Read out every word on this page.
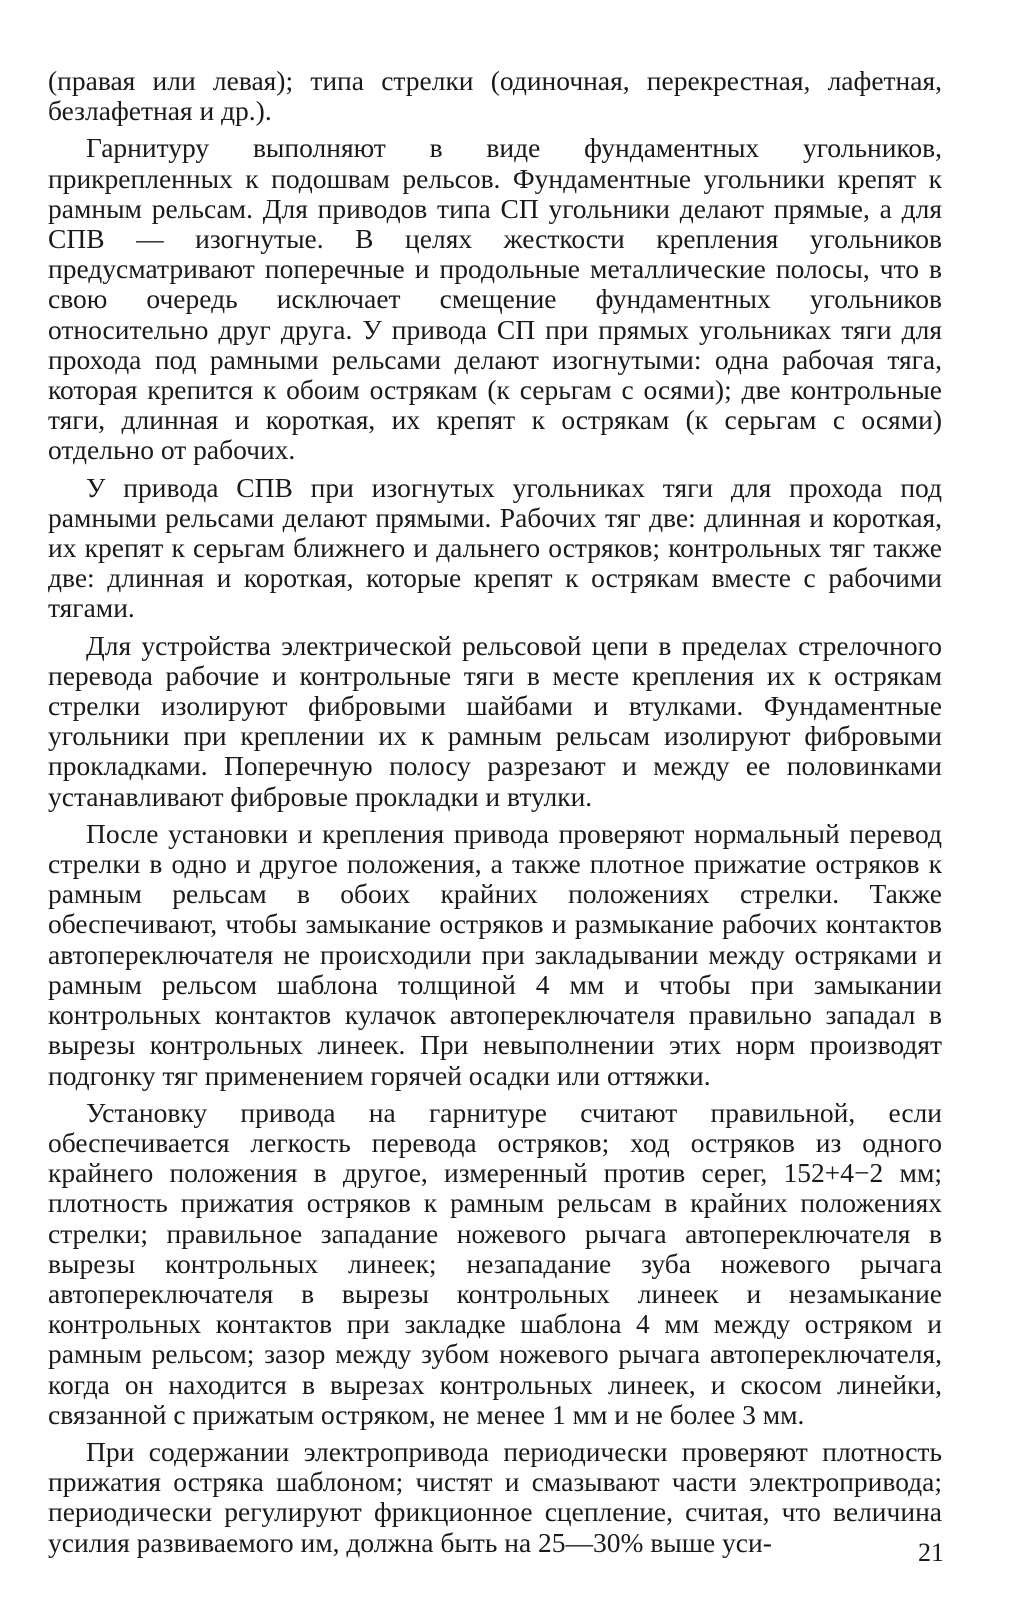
(правая или левая); типа стрелки (одиночная, перекрестная, лафетная, безлафетная и др.).

Гарнитуру выполняют в виде фундаментных угольников, прикрепленных к подошвам рельсов. Фундаментные угольники крепят к рамным рельсам. Для приводов типа СП угольники делают прямые, а для СПВ — изогнутые. В целях жесткости крепления угольников предусматривают поперечные и продольные металлические полосы, что в свою очередь исключает смещение фундаментных угольников относительно друг друга. У привода СП при прямых угольниках тяги для прохода под рамными рельсами делают изогнутыми: одна рабочая тяга, которая крепится к обоим острякам (к серьгам с осями); две контрольные тяги, длинная и короткая, их крепят к острякам (к серьгам с осями) отдельно от рабочих.

У привода СПВ при изогнутых угольниках тяги для прохода под рамными рельсами делают прямыми. Рабочих тяг две: длинная и короткая, их крепят к серьгам ближнего и дальнего остряков; контрольных тяг также две: длинная и короткая, которые крепят к острякам вместе с рабочими тягами.

Для устройства электрической рельсовой цепи в пределах стрелочного перевода рабочие и контрольные тяги в месте крепления их к острякам стрелки изолируют фибровыми шайбами и втулками. Фундаментные угольники при креплении их к рамным рельсам изолируют фибровыми прокладками. Поперечную полосу разрезают и между ее половинками устанавливают фибровые прокладки и втулки.

После установки и крепления привода проверяют нормальный перевод стрелки в одно и другое положения, а также плотное прижатие остряков к рамным рельсам в обоих крайних положениях стрелки. Также обеспечивают, чтобы замыкание остряков и размыкание рабочих контактов автопереключателя не происходили при закладывании между остряками и рамным рельсом шаблона толщиной 4 мм и чтобы при замыкании контрольных контактов кулачок автопереключателя правильно западал в вырезы контрольных линеек. При невыполнении этих норм производят подгонку тяг применением горячей осадки или оттяжки.

Установку привода на гарнитуре считают правильной, если обеспечивается легкость перевода остряков; ход остряков из одного крайнего положения в другое, измеренный против серег, 152+4−2 мм; плотность прижатия остряков к рамным рельсам в крайних положениях стрелки; правильное западание ножевого рычага автопереключателя в вырезы контрольных линеек; незападание зуба ножевого рычага автопереключателя в вырезы контрольных линеек и незамыкание контрольных контактов при закладке шаблона 4 мм между остряком и рамным рельсом; зазор между зубом ножевого рычага автопереключателя, когда он находится в вырезах контрольных линеек, и скосом линейки, связанной с прижатым остряком, не менее 1 мм и не более 3 мм.

При содержании электропривода периодически проверяют плотность прижатия остряка шаблоном; чистят и смазывают части электропривода; периодически регулируют фрикционное сцепление, считая, что величина усилия развиваемого им, должна быть на 25—30% выше уси-	21
